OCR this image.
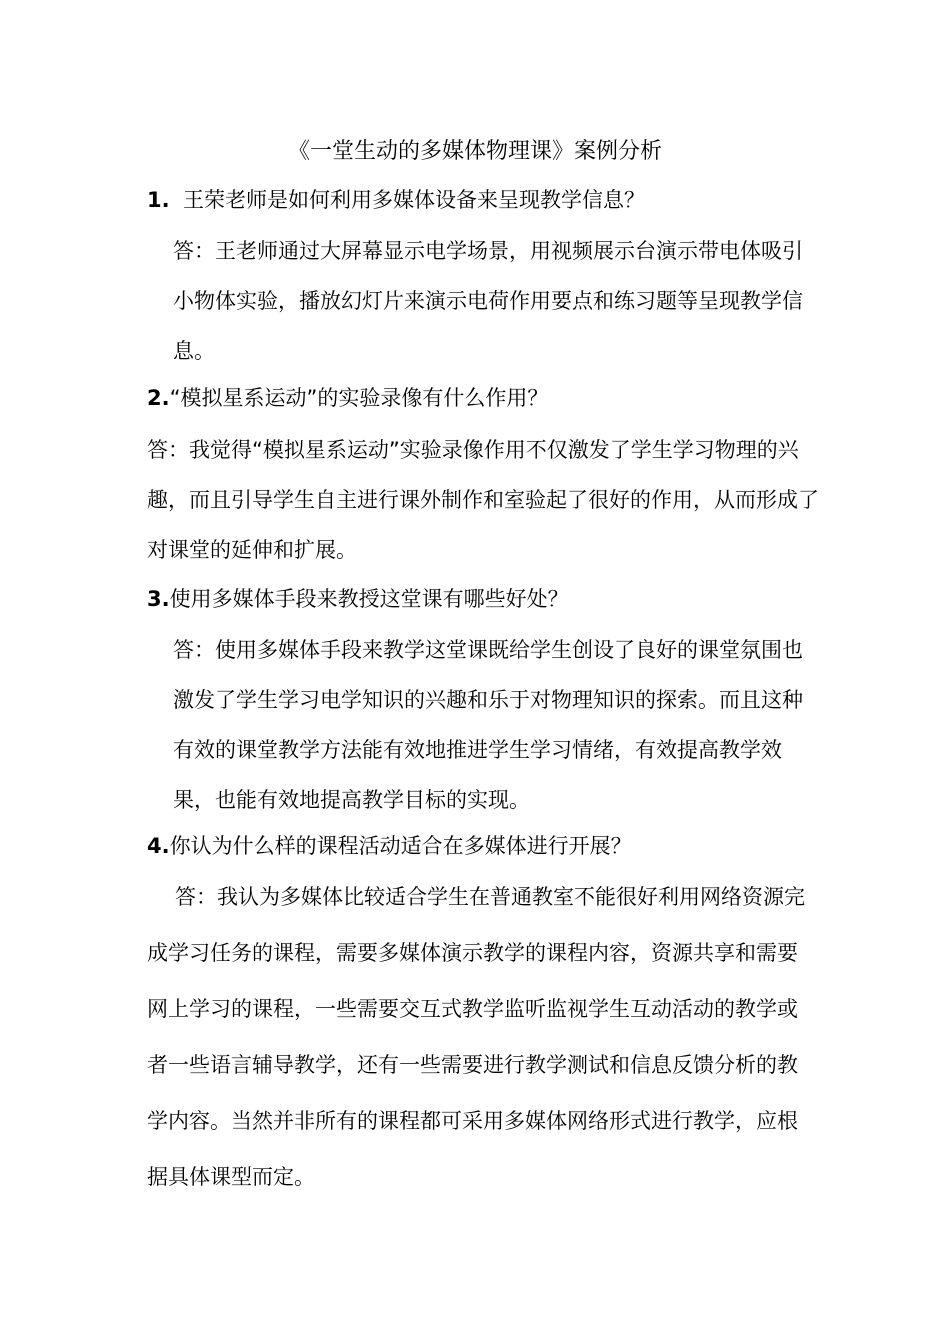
《一堂生动的多媒体物理课》案例分析
1. 王荣老师是如何利用多媒体设备来呈现教学信息？
答：王老师通过大屏幕显示电学场景，用视频展示台演示带电体吸引小物体实验，播放幻灯片来演示电荷作用要点和练习题等呈现教学信息。
2.“模拟星系运动”的实验录像有什么作用？
答：我觉得“模拟星系运动”实验录像作用不仅激发了学生学习物理的兴趣，而且引导学生自主进行课外制作和室验起了很好的作用，从而形成了对课堂的延伸和扩展。
3.使用多媒体手段来教授这堂课有哪些好处？
答：使用多媒体手段来教学这堂课既给学生创设了良好的课堂氛围也激发了学生学习电学知识的兴趣和乐于对物理知识的探索。而且这种有效的课堂教学方法能有效地推进学生学习情绪，有效提高教学效果，也能有效地提高教学目标的实现。
4.你认为什么样的课程活动适合在多媒体进行开展？
答：我认为多媒体比较适合学生在普通教室不能很好利用网络资源完成学习任务的课程，需要多媒体演示教学的课程内容，资源共享和需要网上学习的课程，一些需要交互式教学监听监视学生互动活动的教学或者一些语言辅导教学，还有一些需要进行教学测试和信息反馈分析的教学内容。当然并非所有的课程都可采用多媒体网络形式进行教学，应根据具体课型而定。
